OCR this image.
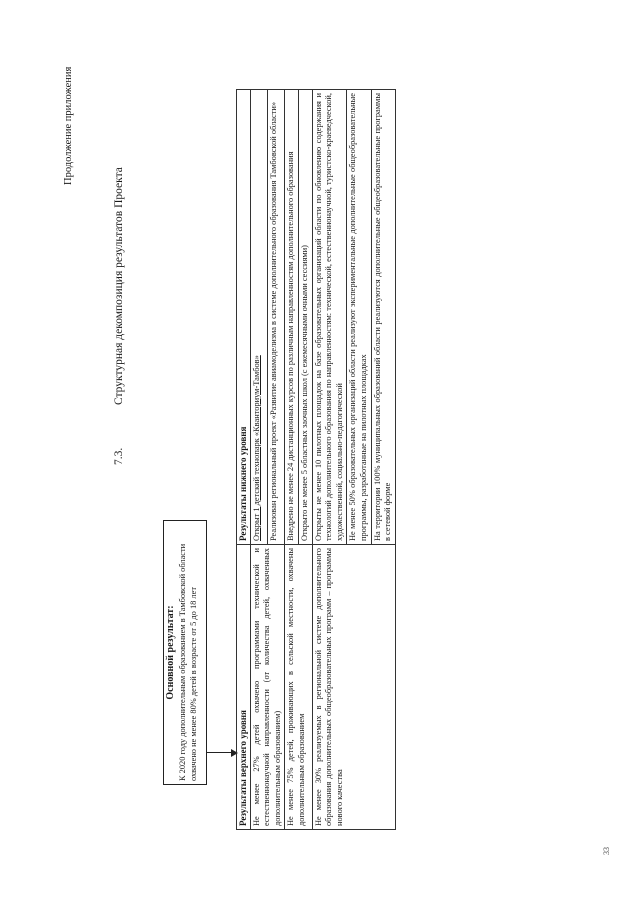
33
Продолжение приложения
7.3.Структурная декомпозиция результатов Проекта
Основной результат: К 2020 году дополнительным образованием в Тамбовской области охвачено не менее 80% детей в возрасте от 5 до 18 лет	Результаты верхнего уровня	Результаты нижнего уровня
Не менее 27% детей охвачено программами технической и естественнонаучной направленности (от количества детей, охваченных дополнительным образованием)	Открыт 1 детский технопарк «Кванториум-Тамбов»
	Реализован региональный проект «Развитие авиамоделизма в системе дополнительного образования Тамбовской области»
Не менее 75% детей, проживающих в сельской местности, охвачены дополнительным образованием	Внедрено не менее 24 дистанционных курсов по различным направленностям дополнительного образования
	Открыто не менее 5 областных заочных школ (с ежемесячными очными сессиями)
Не менее 30% реализуемых в региональной системе дополнительного образования дополнительных общеобразовательных программ – программы нового качества	Открыты не менее 10 пилотных площадок на базе образовательных организаций области по обновлению содержания и технологий дополнительного образования по направленностям: технической, естественнонаучной, туристско-краеведческой, художественной, социально-педагогической
	Не менее 50% образовательных организаций области реализуют экспериментальные дополнительные общеобразовательные программы, разработанные на пилотных площадках
	На территории 100% муниципальных образований области реализуются дополнительные общеобразовательные программы в сетевой форме
